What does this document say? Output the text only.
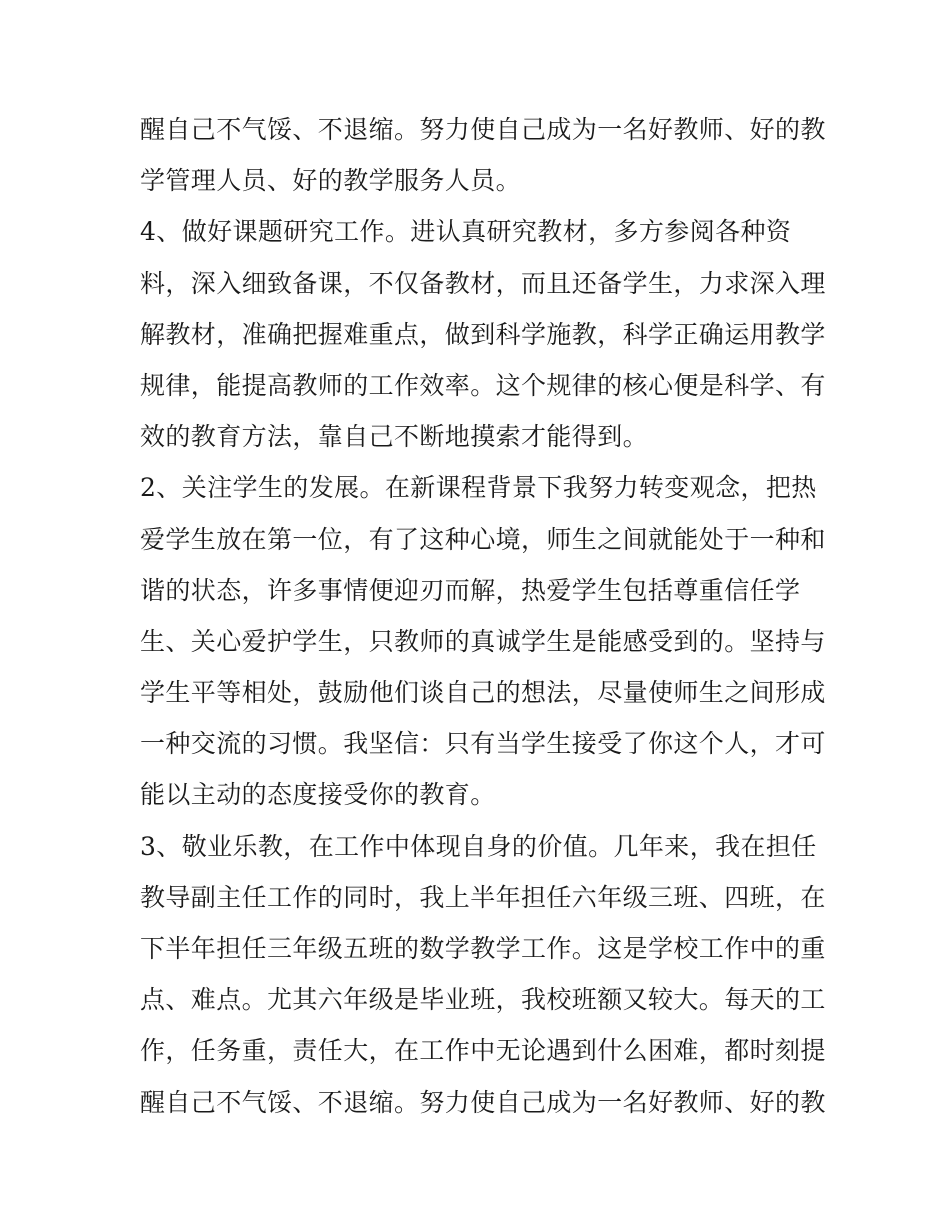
醒自己不气馁、不退缩。努力使自己成为一名好教师、好的教
学管理人员、好的教学服务人员。
4、做好课题研究工作。进认真研究教材，多方参阅各种资
料，深入细致备课，不仅备教材，而且还备学生，力求深入理
解教材，准确把握难重点，做到科学施教，科学正确运用教学
规律，能提高教师的工作效率。这个规律的核心便是科学、有
效的教育方法，靠自己不断地摸索才能得到。
2、关注学生的发展。在新课程背景下我努力转变观念，把热
爱学生放在第一位，有了这种心境，师生之间就能处于一种和
谐的状态，许多事情便迎刃而解，热爱学生包括尊重信任学
生、关心爱护学生，只教师的真诚学生是能感受到的。坚持与
学生平等相处，鼓励他们谈自己的想法，尽量使师生之间形成
一种交流的习惯。我坚信：只有当学生接受了你这个人，才可
能以主动的态度接受你的教育。
3、敬业乐教，在工作中体现自身的价值。几年来，我在担任
教导副主任工作的同时，我上半年担任六年级三班、四班，在
下半年担任三年级五班的数学教学工作。这是学校工作中的重
点、难点。尤其六年级是毕业班，我校班额又较大。每天的工
作，任务重，责任大，在工作中无论遇到什么困难，都时刻提
醒自己不气馁、不退缩。努力使自己成为一名好教师、好的教
